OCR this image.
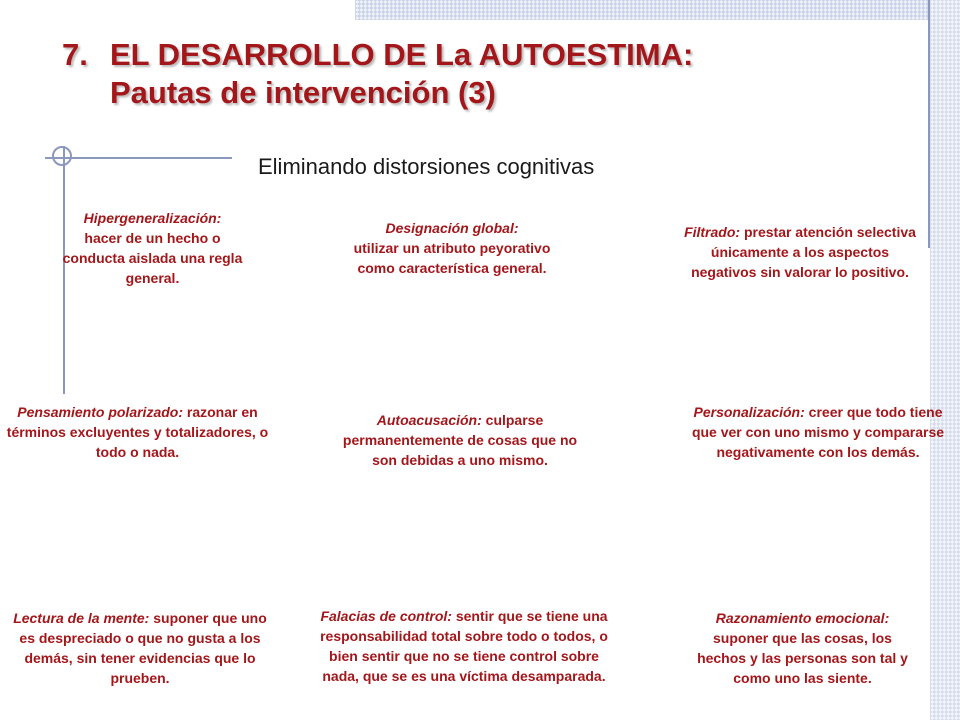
7. EL DESARROLLO DE La AUTOESTIMA:
Pautas de intervención (3)
Eliminando distorsiones cognitivas
Hipergeneralización:
hacer de un hecho o conducta aislada una regla general.
Designación global:
utilizar un atributo peyorativo como característica general.
Filtrado: prestar atención selectiva únicamente a los aspectos negativos sin valorar lo positivo.
Pensamiento polarizado: razonar en términos excluyentes y totalizadores, o todo o nada.
Autoacusación: culparse permanentemente de cosas que no son debidas a uno mismo.
Personalización: creer que todo tiene que ver con uno mismo y compararse negativamente con los demás.
Lectura de la mente: suponer que uno es despreciado o que no gusta a los demás, sin tener evidencias que lo prueben.
Falacias de control: sentir que se tiene una responsabilidad total sobre todo o todos, o bien sentir que no se tiene control sobre nada, que se es una víctima desamparada.
Razonamiento emocional:
suponer que las cosas, los hechos y las personas son tal y como uno las siente.
